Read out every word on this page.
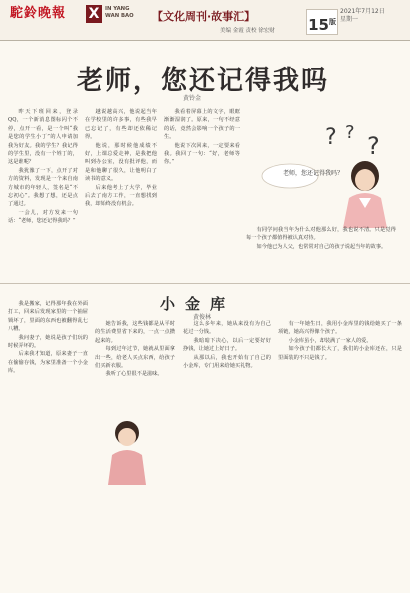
駝鈴晚報	X	IN YANG
WAN BAO	【文化周刊·故事汇】	$15^版$
2021年7月12日
星期一
美编 金霞 责校 徐宏财
老师，您还记得我吗
黄铃金
? ? ?
老师，您还记得我吗？

昨天下班回来，登录QQ，一个新消息图标闪个不停，点开一看，是一个叫“我是您的学生小丁”的人申请加我为好友。我的学生？我记得的学生里，没有一个姓丁的，这是谁呢？

我犹豫了一下，点开了对方的资料，发现是一个来自南方城市的年轻人，签名是“不忘初心”。我想了想，还是点了通过。

一会儿，对方发来一句话：“老师，您还记得我吗？”

越说越高兴，他说起当年在学校里的许多事，有些我早已忘记了，有些却还依稀记得。

他说，那时候他成绩不好，上课总爱走神，是我把他叫到办公室，没有批评他，而是和他聊了很久，让他明白了读书的意义。

后来他考上了大学，毕业后去了南方工作，一直想找到我，却始终没有机会。

我看着屏幕上的文字，眼眶渐渐湿润了。原来，一句不经意的话，竟然会影响一个孩子的一生。

他说下次回来，一定要来看我。我回了一句：“好，老师等你。”

有同学问我当年为什么对他那么好，我也说不清。只是觉得每一个孩子都值得被认真对待。

如今他已为人父，也常常对自己的孩子说起当年的故事。

小金库
黄俊林

我是搬家，记得那年我在外面打工，回来后发现家里的一个抽屉锁坏了，里面的东西也被翻得乱七八糟。

我问妻子，她说是孩子们玩的时候弄坏的。

后来我才知道，原来妻子一直在偷偷存钱，为家里准备一个小金库。

她告诉我，这些钱都是从平时的生活费里省下来的，一点一点攒起来的。

每到过年过节，她就从里面拿出一些，给老人买点东西，给孩子们买新衣服。

我听了心里很不是滋味。

这么多年来，她从来没有为自己花过一分钱。

我暗暗下决心，以后一定要好好挣钱，让她过上好日子。

从那以后，我也开始有了自己的小金库，专门用来给她买礼物。

有一年她生日，我用小金库里的钱给她买了一条项链，她高兴得像个孩子。

小金库虽小，却装满了一家人的爱。

如今孩子们都长大了，我们的小金库还在，只是里面装的不只是钱了。
